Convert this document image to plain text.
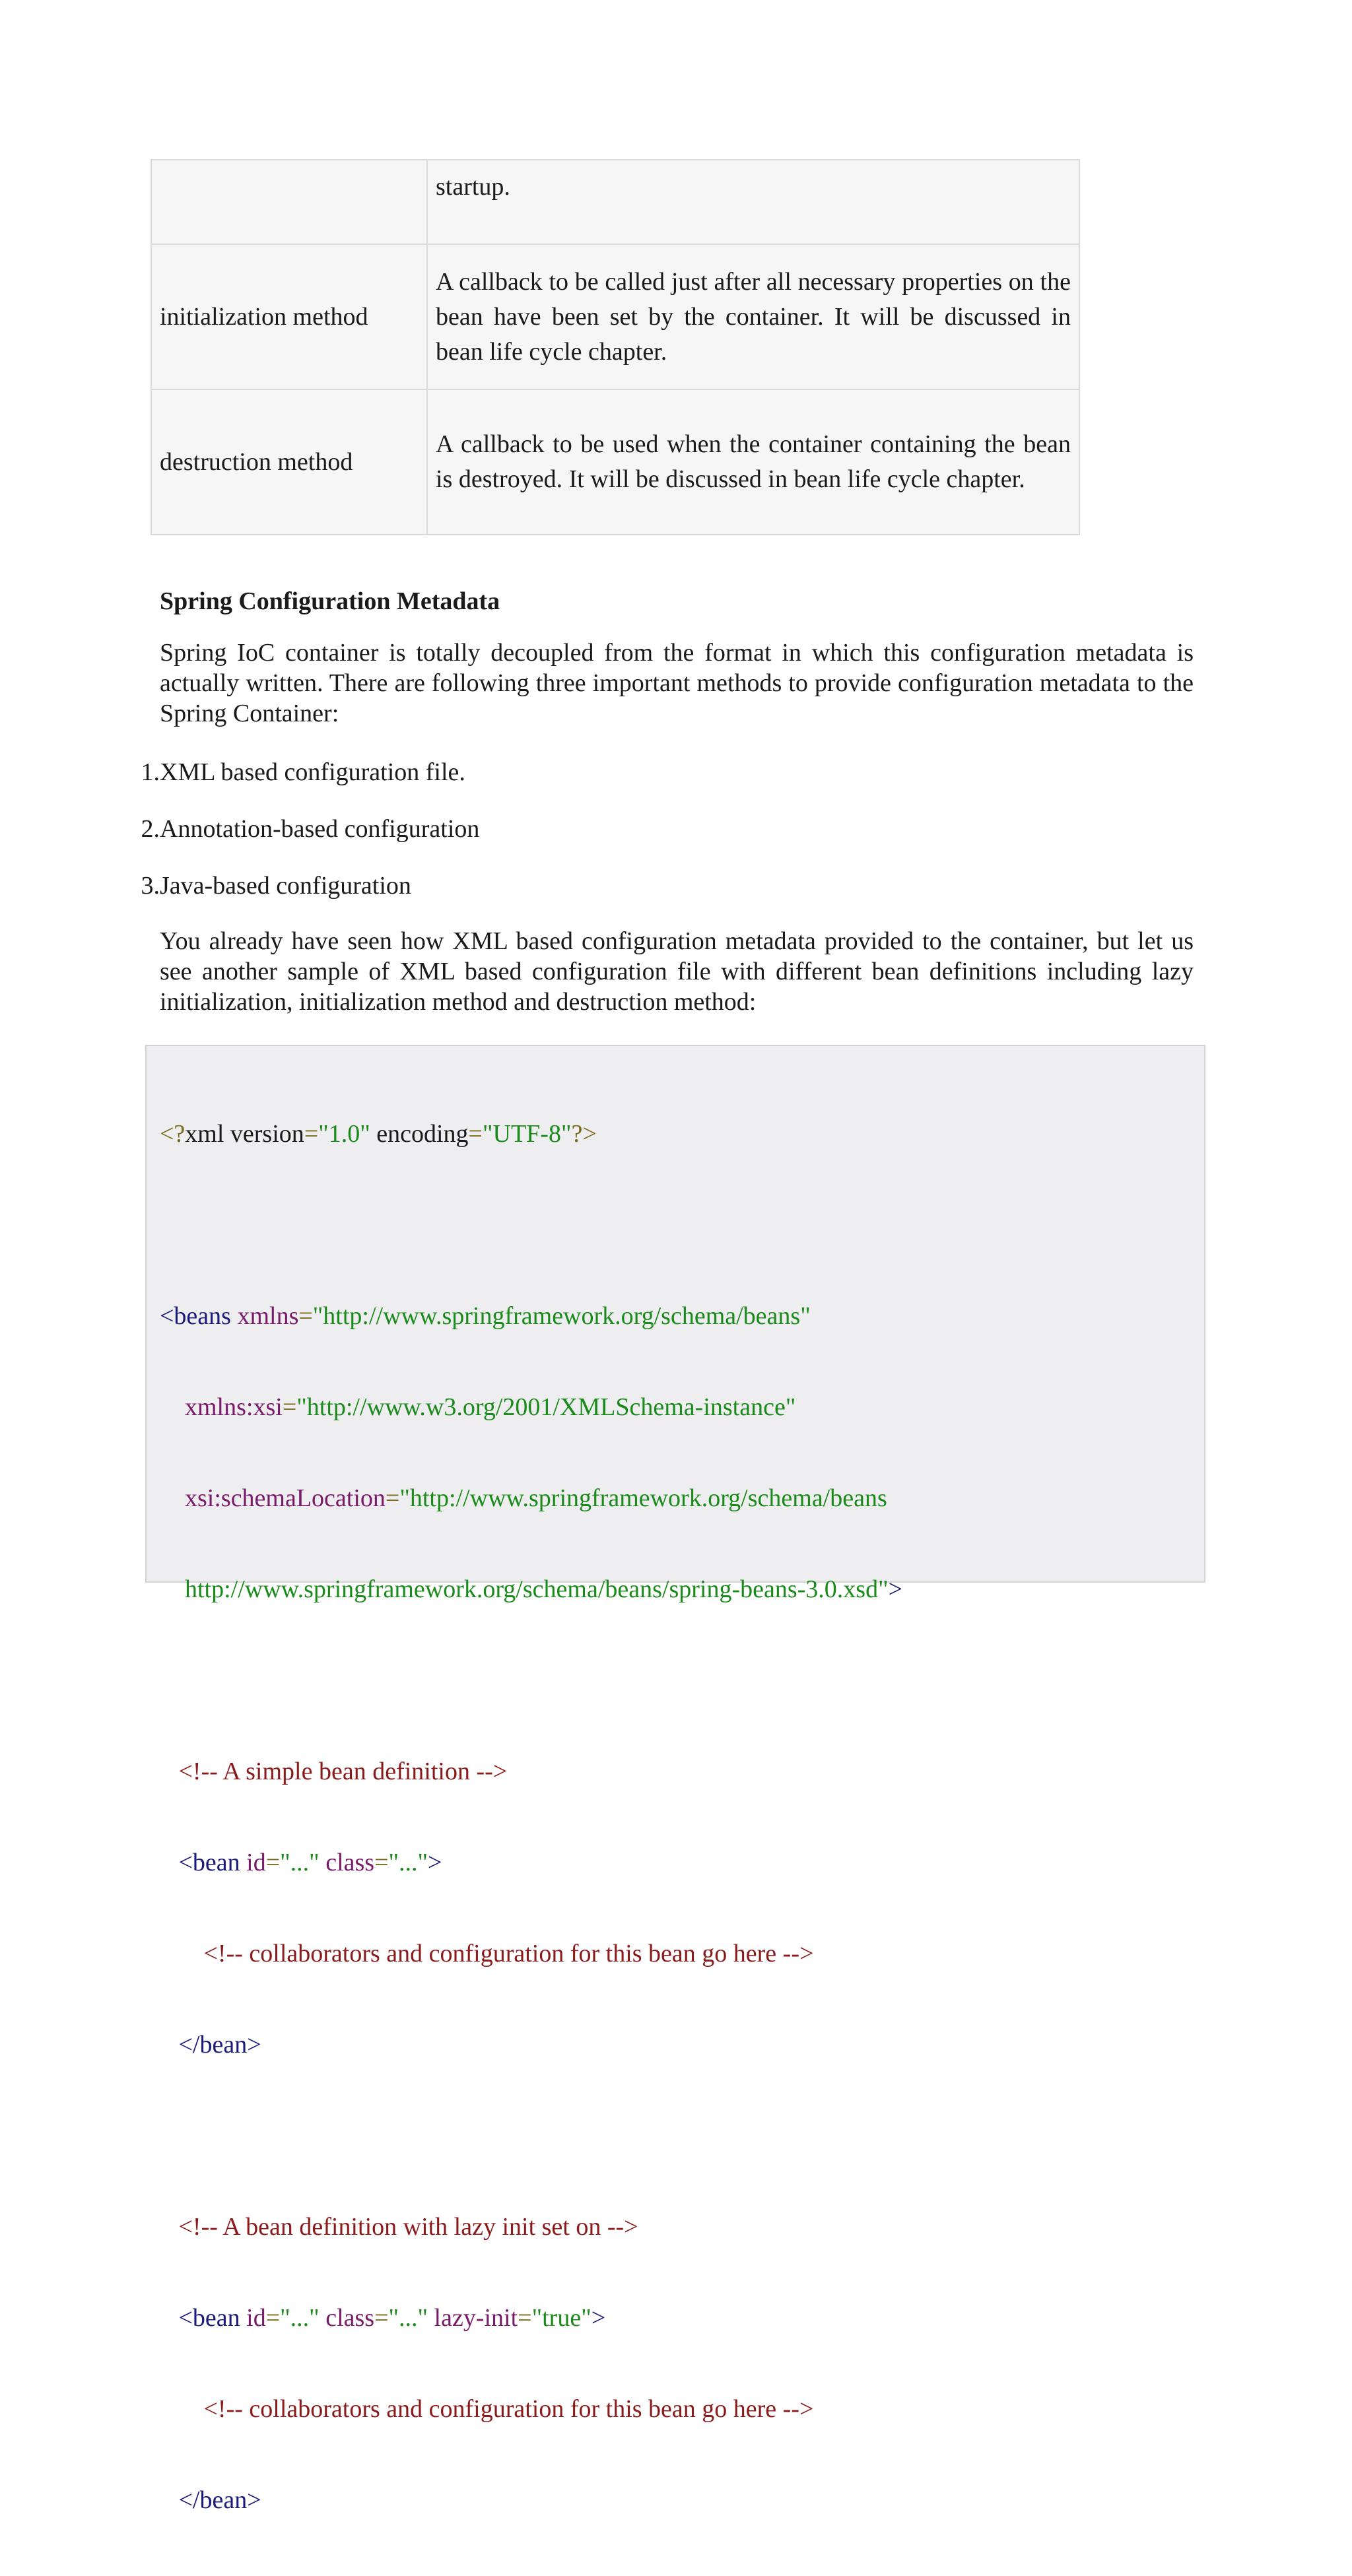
	startup.
initialization method	A callback to be called just after all necessary properties on the bean have been set by the container. It will be discussed in bean life cycle chapter.

destruction method	A callback to be used when the container containing the bean is destroyed. It will be discussed in bean life cycle chapter.
Spring Configuration Metadata
Spring IoC container is totally decoupled from the format in which this configuration metadata is actually written. There are following three important methods to provide configuration metadata to the Spring Container:
1. XML based configuration file.
2. Annotation-based configuration
3. Java-based configuration
You already have seen how XML based configuration metadata provided to the container, but let us see another sample of XML based configuration file with different bean definitions including lazy initialization, initialization method and destruction method:

<?xml version="1.0" encoding="UTF-8"?>

<beans xmlns="http://www.springframework.org/schema/beans"

xmlns:xsi="http://www.w3.org/2001/XMLSchema-instance"

xsi:schemaLocation="http://www.springframework.org/schema/beans

http://www.springframework.org/schema/beans/spring-beans-3.0.xsd">

<!-- A simple bean definition -->

<bean id="..." class="...">

<!-- collaborators and configuration for this bean go here -->

</bean>

<!-- A bean definition with lazy init set on -->

<bean id="..." class="..." lazy-init="true">

<!-- collaborators and configuration for this bean go here -->

</bean>
